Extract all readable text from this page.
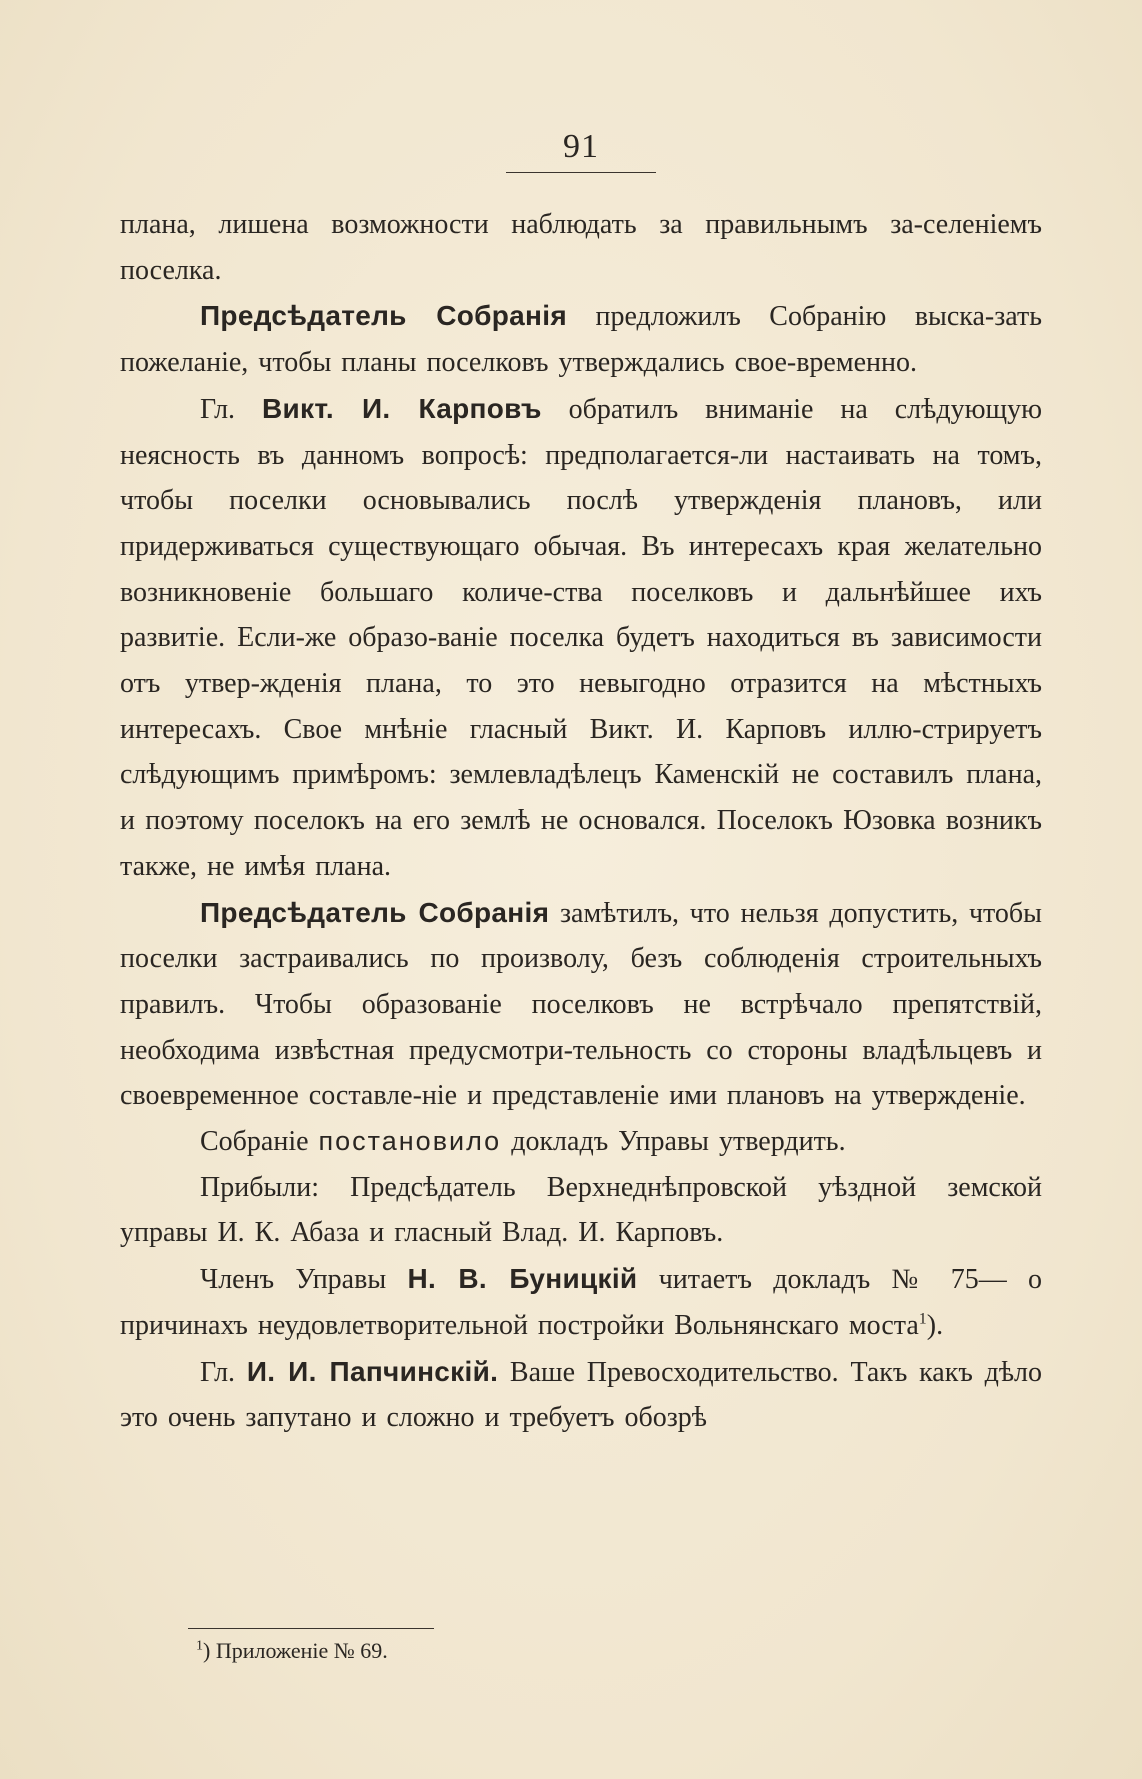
91

плана, лишена возможности наблюдать за правильнымъ за-селеніемъ поселка.

Предсѣдатель Собранія предложилъ Собранію выска-зать пожеланіе, чтобы планы поселковъ утверждались свое-временно.

Гл. Викт. И. Карповъ обратилъ вниманіе на слѣдующую неясность въ данномъ вопросѣ: предполагается-ли настаивать на томъ, чтобы поселки основывались послѣ утвержденія плановъ, или придерживаться существующаго обычая. Въ интересахъ края желательно возникновеніе большаго количе-ства поселковъ и дальнѣйшее ихъ развитіе. Если-же образо-ваніе поселка будетъ находиться въ зависимости отъ утвер-жденія плана, то это невыгодно отразится на мѣстныхъ интересахъ. Свое мнѣніе гласный Викт. И. Карповъ иллю-стрируетъ слѣдующимъ примѣромъ: землевладѣлецъ Каменскій не составилъ плана, и поэтому поселокъ на его землѣ не основался. Поселокъ Юзовка возникъ также, не имѣя плана.

Предсѣдатель Собранія замѣтилъ, что нельзя допустить, чтобы поселки застраивались по произволу, безъ соблюденія строительныхъ правилъ. Чтобы образованіе поселковъ не встрѣчало препятствій, необходима извѣстная предусмотри-тельность со стороны владѣльцевъ и своевременное составле-ніе и представленіе ими плановъ на утвержденіе.

Собраніе постановило докладъ Управы утвердить.

Прибыли: Предсѣдатель Верхнеднѣпровской уѣздной земской управы И. К. Абаза и гласный Влад. И. Карповъ.

Членъ Управы Н. В. Буницкій читаетъ докладъ № 75— о причинахъ неудовлетворительной постройки Вольнянскаго моста$^1$).

Гл. И. И. Папчинскій. Ваше Превосходительство. Такъ какъ дѣло это очень запутано и сложно и требуетъ обозрѣ

$^1$) Приложеніе № 69.
